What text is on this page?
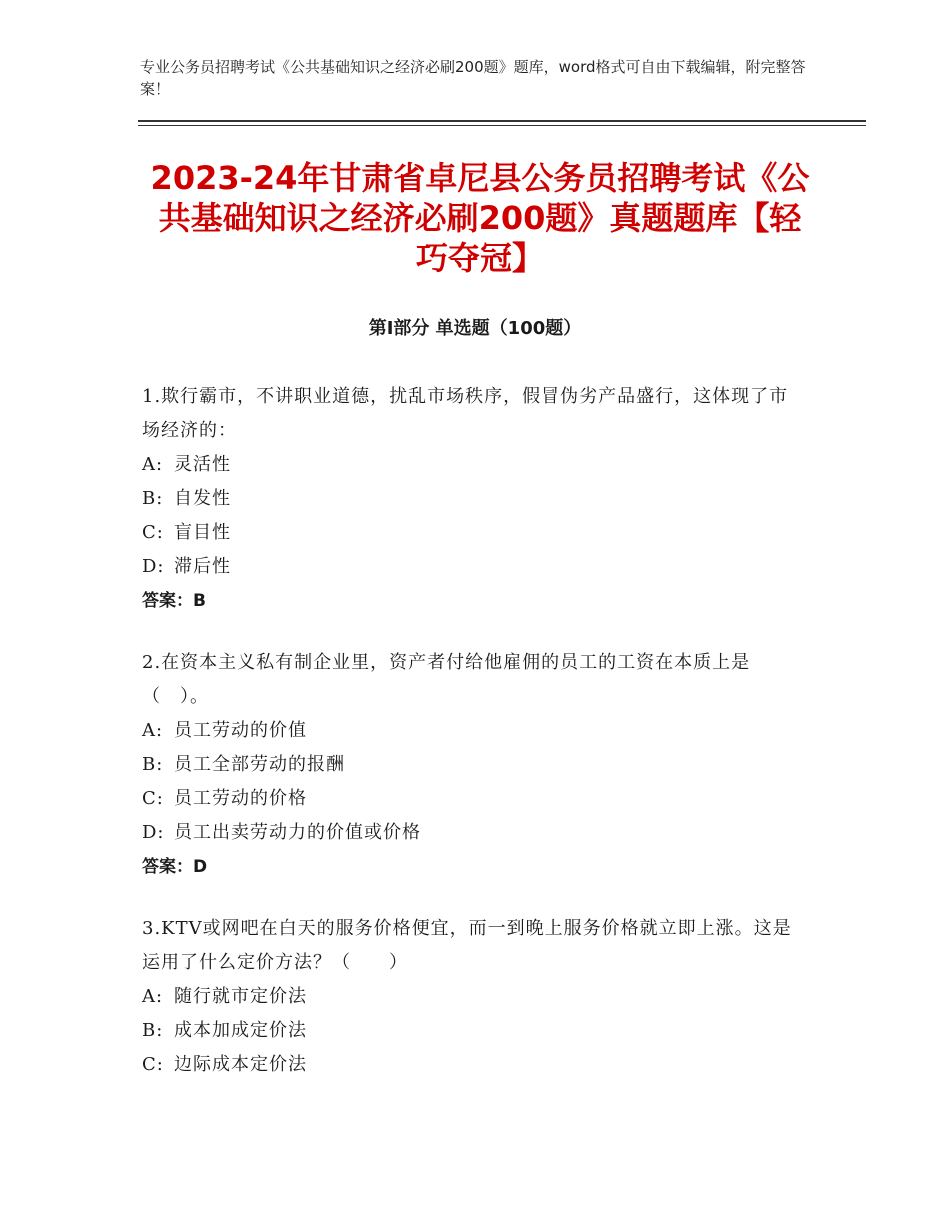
专业公务员招聘考试《公共基础知识之经济必刷200题》题库，word格式可自由下载编辑，附完整答案！
2023-24年甘肃省卓尼县公务员招聘考试《公共基础知识之经济必刷200题》真题题库【轻巧夺冠】
第Ⅰ部分 单选题（100题）
1.欺行霸市，不讲职业道德，扰乱市场秩序，假冒伪劣产品盛行，这体现了市场经济的：
A: 灵活性
B: 自发性
C: 盲目性
D: 滞后性
答案：B
2.在资本主义私有制企业里，资产者付给他雇佣的员工的工资在本质上是（　）。
A: 员工劳动的价值
B: 员工全部劳动的报酬
C: 员工劳动的价格
D: 员工出卖劳动力的价值或价格
答案：D
3.KTV或网吧在白天的服务价格便宜，而一到晚上服务价格就立即上涨。这是运用了什么定价方法？（　　）
A: 随行就市定价法
B: 成本加成定价法
C: 边际成本定价法
